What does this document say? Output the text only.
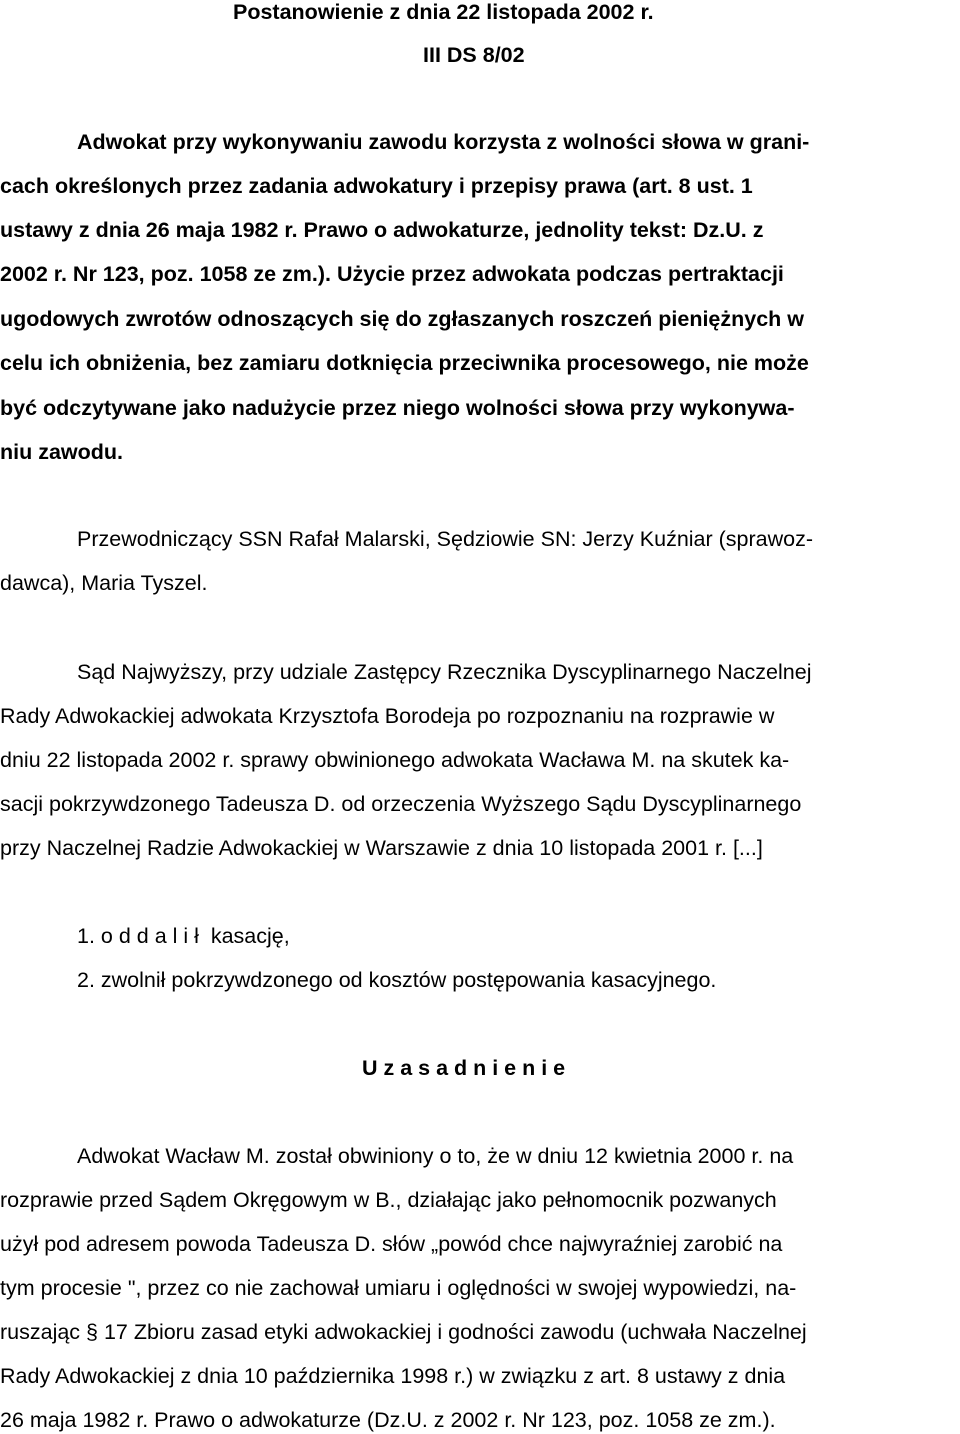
Postanowienie z dnia 22 listopada 2002 r.
III DS 8/02
Adwokat przy wykonywaniu zawodu korzysta z wolności słowa w grani-
cach określonych przez zadania adwokatury i przepisy prawa (art. 8 ust. 1
ustawy z dnia 26 maja 1982 r. Prawo o adwokaturze, jednolity tekst: Dz.U. z
2002 r. Nr 123, poz. 1058 ze zm.). Użycie przez adwokata podczas pertraktacji
ugodowych zwrotów odnoszących się do zgłaszanych roszczeń pieniężnych w
celu ich obniżenia, bez zamiaru dotknięcia przeciwnika procesowego, nie może
być odczytywane jako nadużycie przez niego wolności słowa przy wykonywa-
niu zawodu.
Przewodniczący SSN Rafał Malarski, Sędziowie SN: Jerzy Kuźniar (sprawoz-
dawca), Maria Tyszel.
Sąd Najwyższy, przy udziale Zastępcy Rzecznika Dyscyplinarnego Naczelnej
Rady Adwokackiej adwokata Krzysztofa Borodeja po rozpoznaniu na rozprawie w
dniu 22 listopada 2002 r. sprawy obwinionego adwokata Wacława M. na skutek ka-
sacji pokrzywdzonego Tadeusza D. od orzeczenia Wyższego Sądu Dyscyplinarnego
przy Naczelnej Radzie Adwokackiej w Warszawie z dnia 10 listopada 2001 r. [...]
1. o d d a l i ł  kasację,
2. zwolnił pokrzywdzonego od kosztów postępowania kasacyjnego.
U z a s a d n i e n i e
Adwokat Wacław M. został obwiniony o to, że w dniu 12 kwietnia 2000 r. na
rozprawie przed Sądem Okręgowym w B., działając jako pełnomocnik pozwanych
użył pod adresem powoda Tadeusza D. słów „powód chce najwyraźniej zarobić na
tym procesie ", przez co nie zachował umiaru i oględności w swojej wypowiedzi, na-
ruszając § 17 Zbioru zasad etyki adwokackiej i godności zawodu (uchwała Naczelnej
Rady Adwokackiej z dnia 10 października 1998 r.) w związku z art. 8 ustawy z dnia
26 maja 1982 r. Prawo o adwokaturze (Dz.U. z 2002 r. Nr 123, poz. 1058 ze zm.).
